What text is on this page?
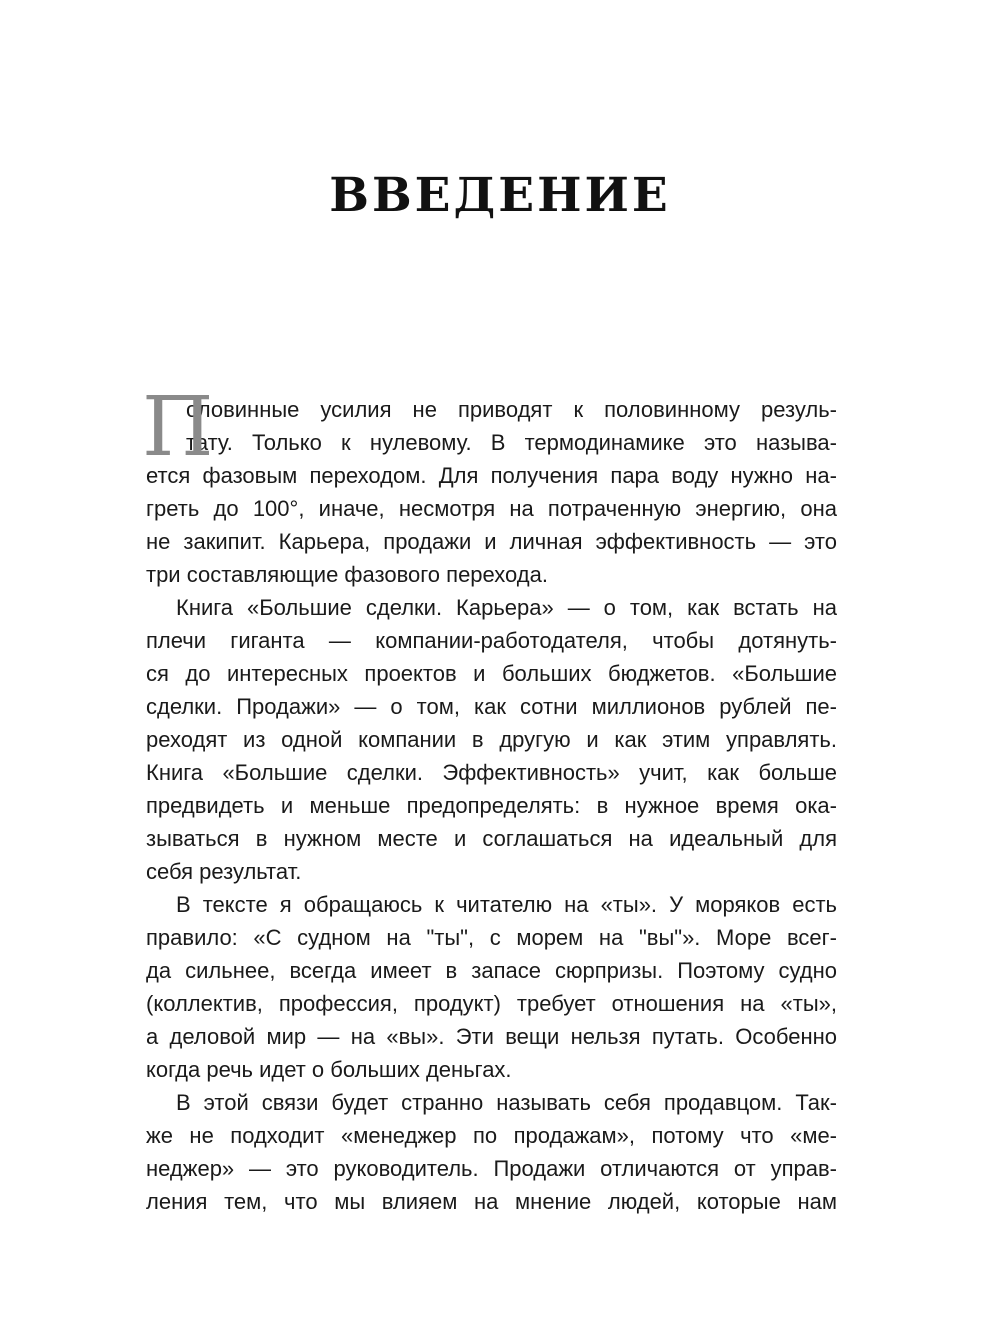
ВВЕДЕНИЕ
П
оловинные усилия не приводят к половинному резуль-
тату. Только к нулевому. В термодинамике это называ-
ется фазовым переходом. Для получения пара воду нужно на-
греть до 100°, иначе, несмотря на потраченную энергию, она
не закипит. Карьера, продажи и личная эффективность — это
три составляющие фазового перехода.
Книга «Большие сделки. Карьера» — о том, как встать на
плечи гиганта — компании-работодателя, чтобы дотянуть-
ся до интересных проектов и больших бюджетов. «Большие
сделки. Продажи» — о том, как сотни миллионов рублей пе-
реходят из одной компании в другую и как этим управлять.
Книга «Большие сделки. Эффективность» учит, как больше
предвидеть и меньше предопределять: в нужное время ока-
зываться в нужном месте и соглашаться на идеальный для
себя результат.
В тексте я обращаюсь к читателю на «ты». У моряков есть
правило: «С судном на "ты", с морем на "вы"». Море всег-
да сильнее, всегда имеет в запасе сюрпризы. Поэтому судно
(коллектив, профессия, продукт) требует отношения на «ты»,
а деловой мир — на «вы». Эти вещи нельзя путать. Особенно
когда речь идет о больших деньгах.
В этой связи будет странно называть себя продавцом. Так-
же не подходит «менеджер по продажам», потому что «ме-
неджер» — это руководитель. Продажи отличаются от управ-
ления тем, что мы влияем на мнение людей, которые нам
